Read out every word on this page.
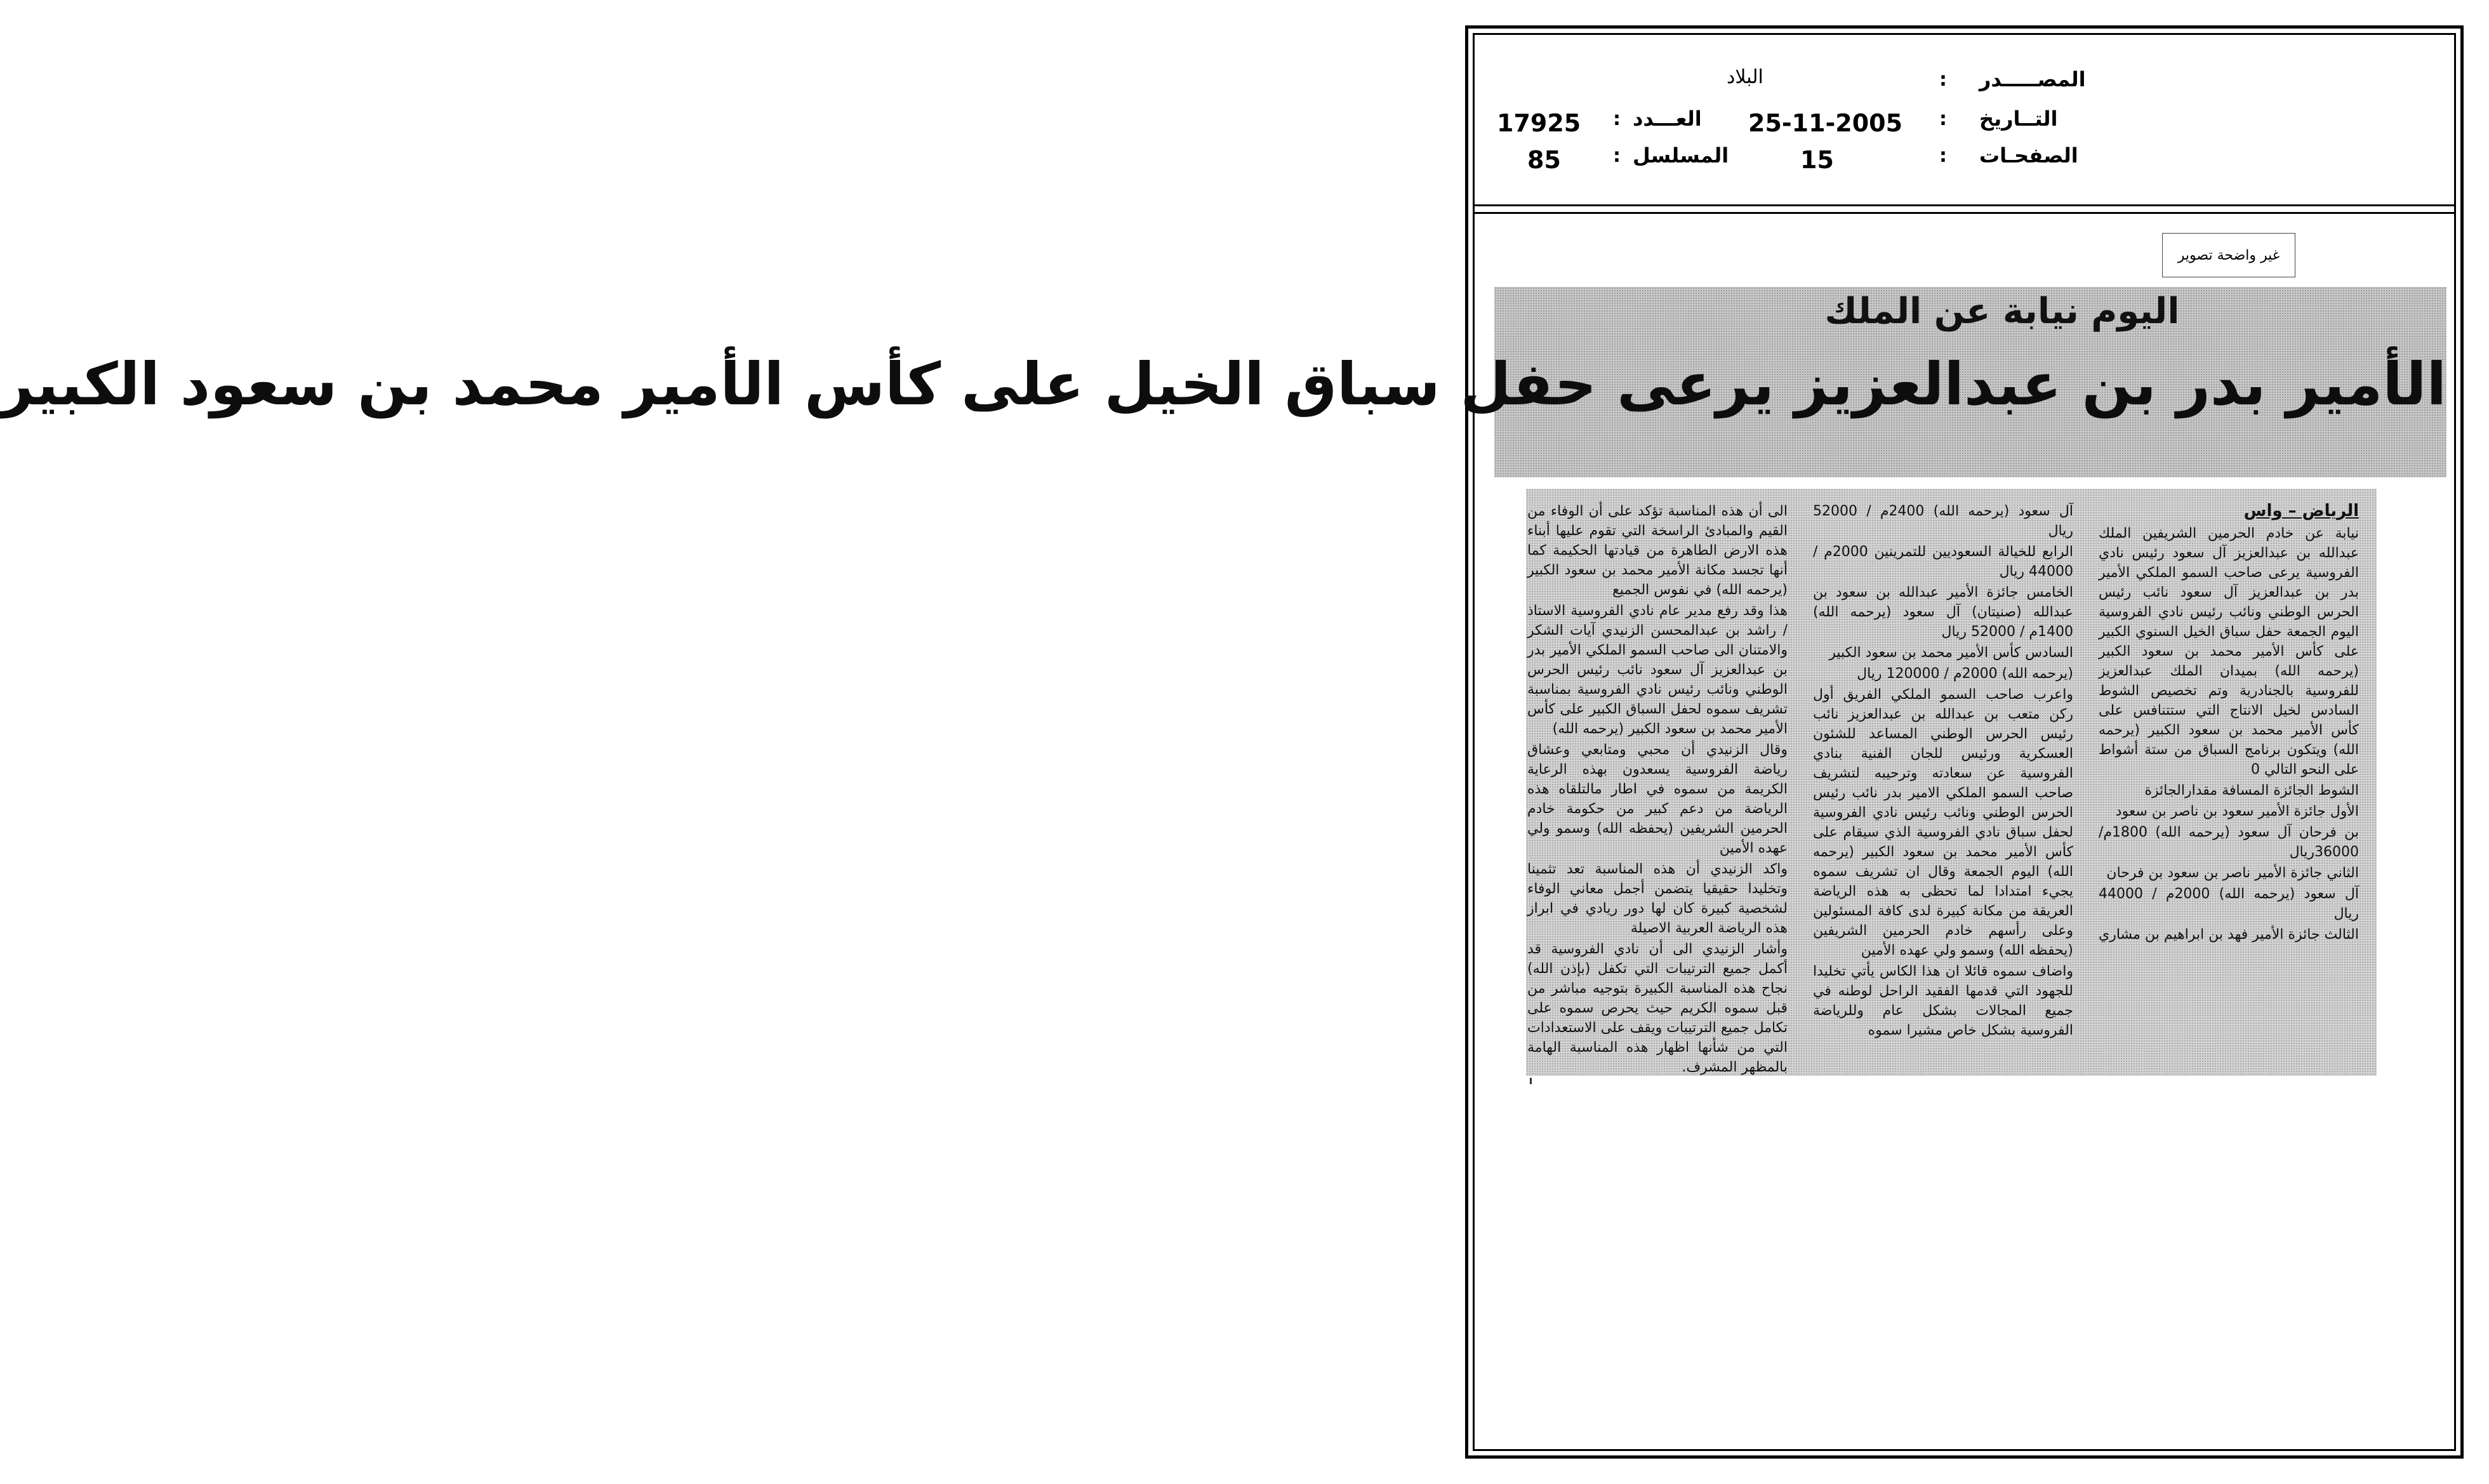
المصـــــدر
:
البلاد
التــاريخ
:
25-11-2005
العـــدد
:
17925
الصفحـات
:
15
المسلسل
:
85
غير واضحة تصوير
اليوم نيابة عن الملك
الأمير بدر بن عبدالعزيز يرعى حفل سباق الخيل على كأس الأمير محمد بن سعود الكبير

الرياض – واس

نيابة عن خادم الحرمين الشريفين الملك عبدالله بن عبدالعزيز آل سعود رئيس نادي الفروسية يرعى صاحب السمو الملكي الأمير بدر بن عبدالعزيز آل سعود نائب رئيس الحرس الوطني ونائب رئيس نادي الفروسية اليوم الجمعة حفل سباق الخيل السنوي الكبير على كأس الأمير محمد بن سعود الكبير (يرحمه الله) بميدان الملك عبدالعزيز للفروسية بالجنادرية وتم تخصيص الشوط السادس لخيل الانتاج التي ستتنافس على كأس الأمير محمد بن سعود الكبير (يرحمه الله) ويتكون برنامج السباق من ستة أشواط على النحو التالي 0

الشوط الجائزة المسافة مقدارالجائزة

الأول جائزة الأمير سعود بن ناصر بن سعود

بن فرحان آل سعود (يرحمه الله) 1800م/ 36000ريال

الثاني جائزة الأمير ناصر بن سعود بن فرحان

آل سعود (يرحمه الله) 2000م / 44000 ريال

الثالث جائزة الأمير فهد بن ابراهيم بن مشاري

آل سعود (يرحمه الله) 2400م / 52000 ريال

الرابع للخيالة السعوديين للتمرينين 2000م / 44000 ريال

الخامس جائزة الأمير عبدالله بن سعود بن عبدالله (صنيتان) آل سعود (يرحمه الله) 1400م / 52000 ريال

السادس كأس الأمير محمد بن سعود الكبير

(يرحمه الله) 2000م / 120000 ريال

واعرب صاحب السمو الملكي الفريق أول ركن متعب بن عبدالله بن عبدالعزيز نائب رئيس الحرس الوطني المساعد للشئون العسكرية ورئيس للجان الفنية بنادي الفروسية عن سعادته وترحيبه لتشريف صاحب السمو الملكي الامير بدر نائب رئيس الحرس الوطني ونائب رئيس نادي الفروسية لحفل سباق نادي الفروسية الذي سيقام على كأس الأمير محمد بن سعود الكبير (يرحمه الله) اليوم الجمعة وقال ان تشريف سموه يجيء امتدادا لما تحظى به هذه الرياضة العريقة من مكانة كبيرة لدى كافة المسئولين وعلى رأسهم خادم الحرمين الشريفين (يحفظه الله) وسمو ولي عهده الأمين

واضاف سموه قائلا ان هذا الكاس يأتي تخليدا للجهود التي قدمها الفقيد الراحل لوطنه في جميع المجالات بشكل عام وللرياضة الفروسية بشكل خاص مشيرا سموه

الى أن هذه المناسبة تؤكد على أن الوفاء من القيم والمبادئ الراسخة التي تقوم عليها أبناء هذه الارض الطاهرة من قيادتها الحكيمة كما أنها تجسد مكانة الأمير محمد بن سعود الكبير (يرحمه الله) في نفوس الجميع

هذا وقد رفع مدير عام نادي الفروسية الاستاذ / راشد بن عبدالمحسن الزنيدي آيات الشكر والامتنان الى صاحب السمو الملكي الأمير بدر بن عبدالعزيز آل سعود نائب رئيس الحرس الوطني ونائب رئيس نادي الفروسية بمناسبة تشريف سموه لحفل السباق الكبير على كأس الأمير محمد بن سعود الكبير (يرحمه الله)

وقال الزنيدي أن محبي ومتابعي وعشاق رياضة الفروسية يسعدون بهذه الرعاية الكريمة من سموه في اطار مالتلقاه هذه الرياضة من دعم كبير من حكومة خادم الحرمين الشريفين (يحفظه الله) وسمو ولي عهده الأمين

واكد الزنيدي أن هذه المناسبة تعد تثمينا وتخليدا حقيقيا يتضمن أجمل معاني الوفاء لشخصية كبيرة كان لها دور ريادي في ابراز هذه الرياضة العربية الاصيلة

وأشار الزنيدي الى أن نادي الفروسية قد أكمل جميع الترتيبات التي تكفل (بإذن الله) نجاح هذه المناسبة الكبيرة بتوجيه مباشر من قبل سموه الكريم حيث يحرص سموه على تكامل جميع الترتيبات ويقف على الاستعدادات التي من شأنها اظهار هذه المناسبة الهامة بالمظهر المشرف.
